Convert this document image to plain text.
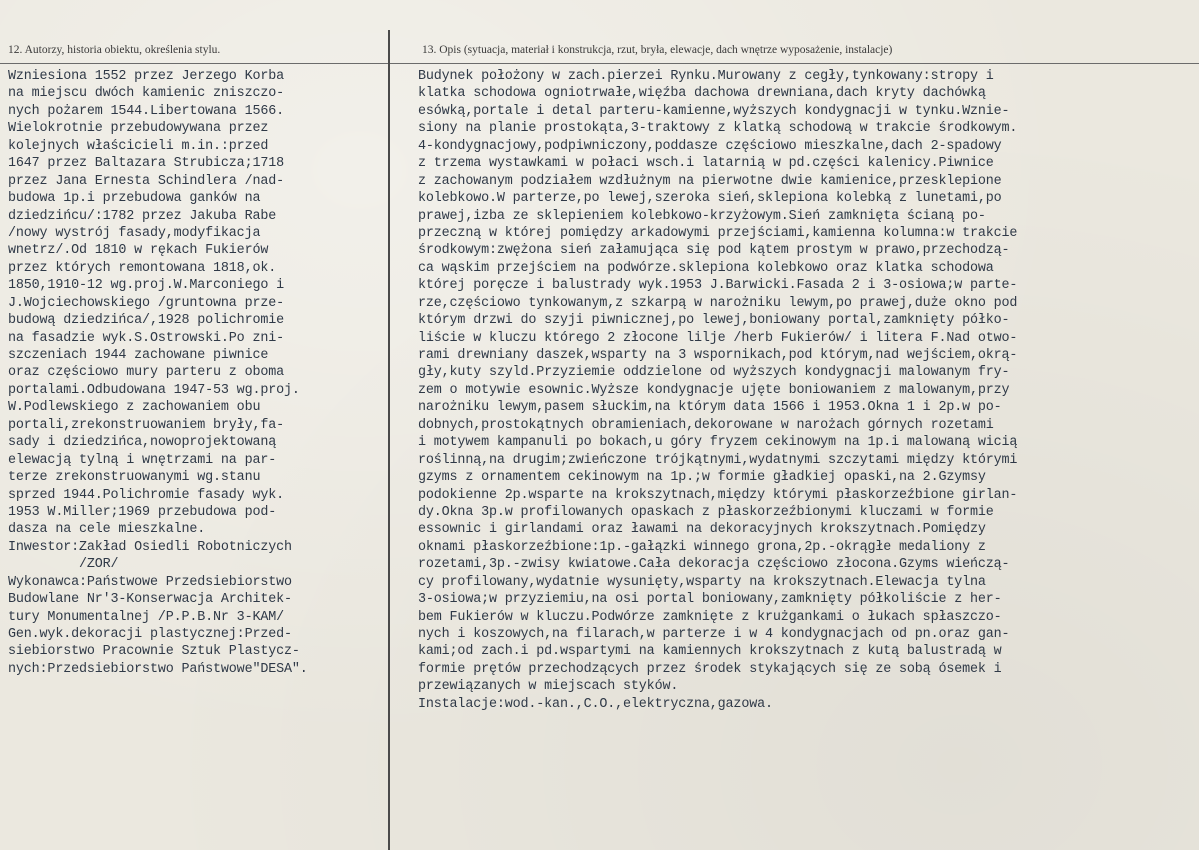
12. Autorzy, historia obiektu, określenia stylu.	13. Opis (sytuacja, materiał i konstrukcja, rzut, bryła, elewacje, dach wnętrze wyposażenie, instalacje)
Wzniesiona 1552 przez Jerzego Korba
na miejscu dwóch kamienic zniszczo-
nych pożarem 1544.Libertowana 1566.
Wielokrotnie przebudowywana przez
kolejnych właścicieli m.in.:przed
1647 przez Baltazara Strubicza;1718
przez Jana Ernesta Schindlera /nad-
budowa 1p.i przebudowa ganków na
dziedzińcu/:1782 przez Jakuba Rabe
/nowy wystrój fasady,modyfikacja
wnetrz/.Od 1810 w rękach Fukierów
przez których remontowana 1818,ok.
1850,1910-12 wg.proj.W.Marconiego i
J.Wojciechowskiego /gruntowna prze-
budową dziedzińca/,1928 polichromie
na fasadzie wyk.S.Ostrowski.Po zni-
szczeniach 1944 zachowane piwnice
oraz częściowo mury parteru z oboma
portalami.Odbudowana 1947-53 wg.proj.
W.Podlewskiego z zachowaniem obu
portali,zrekonstruowaniem bryły,fa-
sady i dziedzińca,nowoprojektowaną
elewacją tylną i wnętrzami na par-
terze zrekonstruowanymi wg.stanu
sprzed 1944.Polichromie fasady wyk.
1953 W.Miller;1969 przebudowa pod-
dasza na cele mieszkalne.
Inwestor:Zakład Osiedli Robotniczych
/ZOR/
Wykonawca:Państwowe Przedsiebiorstwo
Budowlane Nr'3-Konserwacja Architek-
tury Monumentalnej /P.P.B.Nr 3-KAM/
Gen.wyk.dekoracji plastycznej:Przed-
siebiorstwo Pracownie Sztuk Plastycz-
nych:Przedsiebiorstwo Państwowe"DESA".
Budynek położony w zach.pierzei Rynku.Murowany z cegły,tynkowany:stropy i
klatka schodowa ogniotrwałe,więźba dachowa drewniana,dach kryty dachówką
esówką,portale i detal parteru-kamienne,wyższych kondygnacji w tynku.Wznie-
siony na planie prostokąta,3-traktowy z klatką schodową w trakcie środkowym.
4-kondygnacjowy,podpiwniczony,poddasze częściowo mieszkalne,dach 2-spadowy
z trzema wystawkami w połaci wsch.i latarnią w pd.części kalenicy.Piwnice
z zachowanym podziałem wzdłużnym na pierwotne dwie kamienice,przesklepione
kolebkowo.W parterze,po lewej,szeroka sień,sklepiona kolebką z lunetami,po
prawej,izba ze sklepieniem kolebkowo-krzyżowym.Sień zamknięta ścianą po-
przeczną w której pomiędzy arkadowymi przejściami,kamienna kolumna:w trakcie
środkowym:zwężona sień załamująca się pod kątem prostym w prawo,przechodzą-
ca wąskim przejściem na podwórze.sklepiona kolebkowo oraz klatka schodowa
której poręcze i balustrady wyk.1953 J.Barwicki.Fasada 2 i 3-osiowa;w parte-
rze,częściowo tynkowanym,z szkarpą w narożniku lewym,po prawej,duże okno pod
którym drzwi do szyji piwnicznej,po lewej,boniowany portal,zamknięty półko-
liście w kluczu którego 2 złocone lilje /herb Fukierów/ i litera F.Nad otwo-
rami drewniany daszek,wsparty na 3 wspornikach,pod którym,nad wejściem,okrą-
gły,kuty szyld.Przyziemie oddzielone od wyższych kondygnacji malowanym fry-
zem o motywie esownic.Wyższe kondygnacje ujęte boniowaniem z malowanym,przy
narożniku lewym,pasem słuckim,na którym data 1566 i 1953.Okna 1 i 2p.w po-
dobnych,prostokątnych obramieniach,dekorowane w narożach górnych rozetami
i motywem kampanuli po bokach,u góry fryzem cekinowym na 1p.i malowaną wicią
roślinną,na drugim;zwieńczone trójkątnymi,wydatnymi szczytami między którymi
gzyms z ornamentem cekinowym na 1p.;w formie gładkiej opaski,na 2.Gzymsy
podokienne 2p.wsparte na krokszytnach,między którymi płaskorzeźbione girlan-
dy.Okna 3p.w profilowanych opaskach z płaskorzeźbionymi kluczami w formie
essownic i girlandami oraz ławami na dekoracyjnych krokszytnach.Pomiędzy
oknami płaskorzeźbione:1p.-gałązki winnego grona,2p.-okrągłe medaliony z
rozetami,3p.-zwisy kwiatowe.Cała dekoracja częściowo złocona.Gzyms wieńczą-
cy profilowany,wydatnie wysunięty,wsparty na krokszytnach.Elewacja tylna
3-osiowa;w przyziemiu,na osi portal boniowany,zamknięty półkoliście z her-
bem Fukierów w kluczu.Podwórze zamknięte z krużgankami o łukach spłaszczo-
nych i koszowych,na filarach,w parterze i w 4 kondygnacjach od pn.oraz gan-
kami;od zach.i pd.wspartymi na kamiennych krokszytnach z kutą balustradą w
formie prętów przechodzących przez środek stykających się ze sobą ósemek i
przewiązanych w miejscach styków.
Instalacje:wod.-kan.,C.O.,elektryczna,gazowa.
